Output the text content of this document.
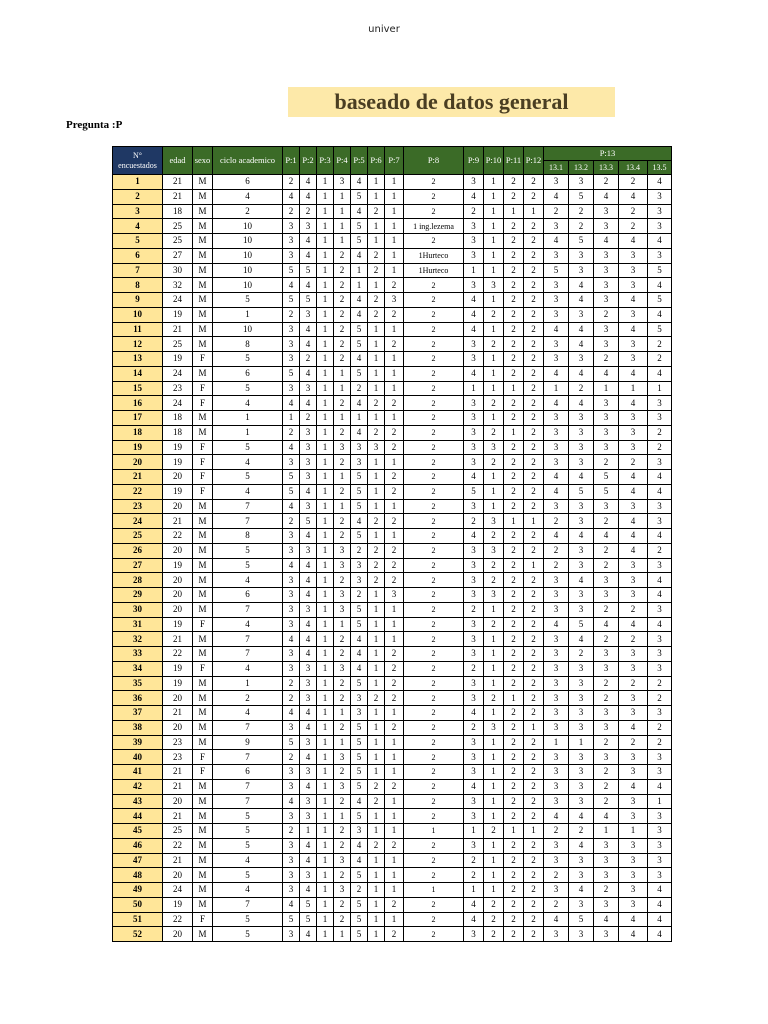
univer
baseado de datos general
Pregunta :P
N° encuestados	edad	sexo	ciclo academico	P:1	P:2	P:3	P:4	P:5	P:6	P:7	P:8	P:9	P:10	P:11	P:12	P:13				
																13.1	13.2	13.3	13.4	13.5
1	21	M	6	2	4	1	3	4	1	1	2	3	1	2	2	3	3	2	2	4
2	21	M	4	4	4	1	1	5	1	1	2	4	1	2	2	4	5	4	4	3
3	18	M	2	2	2	1	1	4	2	1	2	2	1	1	1	2	2	3	2	3
4	25	M	10	3	3	1	1	5	1	1	1 ing.lezema	3	1	2	2	3	2	3	2	3
5	25	M	10	3	4	1	1	5	1	1	2	3	1	2	2	4	5	4	4	4
6	27	M	10	3	4	1	2	4	2	1	1Hurteco	3	1	2	2	3	3	3	3	3
7	30	M	10	5	5	1	2	1	2	1	1Hurteco	1	1	2	2	5	3	3	3	5
8	32	M	10	4	4	1	2	1	1	2	2	3	3	2	2	3	4	3	3	4
9	24	M	5	5	5	1	2	4	2	3	2	4	1	2	2	3	4	3	4	5
10	19	M	1	2	3	1	2	4	2	2	2	4	2	2	2	3	3	2	3	4
11	21	M	10	3	4	1	2	5	1	1	2	4	1	2	2	4	4	3	4	5
12	25	M	8	3	4	1	2	5	1	2	2	3	2	2	2	3	4	3	3	2
13	19	F	5	3	2	1	2	4	1	1	2	3	1	2	2	3	3	2	3	2
14	24	M	6	5	4	1	1	5	1	1	2	4	1	2	2	4	4	4	4	4
15	23	F	5	3	3	1	1	2	1	1	2	1	1	1	2	1	2	1	1	1
16	24	F	4	4	4	1	2	4	2	2	2	3	2	2	2	4	4	3	4	3
17	18	M	1	1	2	1	1	1	1	1	2	3	1	2	2	3	3	3	3	3
18	18	M	1	2	3	1	2	4	2	2	2	3	2	1	2	3	3	3	3	2
19	19	F	5	4	3	1	3	3	3	2	2	3	3	2	2	3	3	3	3	2
20	19	F	4	3	3	1	2	3	1	1	2	3	2	2	2	3	3	2	2	3
21	20	F	5	5	3	1	1	5	1	2	2	4	1	2	2	4	4	5	4	4
22	19	F	4	5	4	1	2	5	1	2	2	5	1	2	2	4	5	5	4	4
23	20	M	7	4	3	1	1	5	1	1	2	3	1	2	2	3	3	3	3	3
24	21	M	7	2	5	1	2	4	2	2	2	2	3	1	1	2	3	2	4	3
25	22	M	8	3	4	1	2	5	1	1	2	4	2	2	2	4	4	4	4	4
26	20	M	5	3	3	1	3	2	2	2	2	3	3	2	2	2	3	2	4	2
27	19	M	5	4	4	1	3	3	2	2	2	3	2	2	1	2	3	2	3	3
28	20	M	4	3	4	1	2	3	2	2	2	3	2	2	2	3	4	3	3	4
29	20	M	6	3	4	1	3	2	1	3	2	3	3	2	2	3	3	3	3	4
30	20	M	7	3	3	1	3	5	1	1	2	2	1	2	2	3	3	2	2	3
31	19	F	4	3	4	1	1	5	1	1	2	3	2	2	2	4	5	4	4	4
32	21	M	7	4	4	1	2	4	1	1	2	3	1	2	2	3	4	2	2	3
33	22	M	7	3	4	1	2	4	1	2	2	3	1	2	2	3	2	3	3	3
34	19	F	4	3	3	1	3	4	1	2	2	2	1	2	2	3	3	3	3	3
35	19	M	1	2	3	1	2	5	1	2	2	3	1	2	2	3	3	2	2	2
36	20	M	2	2	3	1	2	3	2	2	2	3	2	1	2	3	3	2	3	2
37	21	M	4	4	4	1	1	3	1	1	2	4	1	2	2	3	3	3	3	3
38	20	M	7	3	4	1	2	5	1	2	2	2	3	2	1	3	3	3	4	2
39	23	M	9	5	3	1	1	5	1	1	2	3	1	2	2	1	1	2	2	2
40	23	F	7	2	4	1	3	5	1	1	2	3	1	2	2	3	3	3	3	3
41	21	F	6	3	3	1	2	5	1	1	2	3	1	2	2	3	3	2	3	3
42	21	M	7	3	4	1	3	5	2	2	2	4	1	2	2	3	3	2	4	4
43	20	M	7	4	3	1	2	4	2	1	2	3	1	2	2	3	3	2	3	1
44	21	M	5	3	3	1	1	5	1	1	2	3	1	2	2	4	4	4	3	3
45	25	M	5	2	1	1	2	3	1	1	1	1	2	1	1	2	2	1	1	3
46	22	M	5	3	4	1	2	4	2	2	2	3	1	2	2	3	4	3	3	3
47	21	M	4	3	4	1	3	4	1	1	2	2	1	2	2	3	3	3	3	3
48	20	M	5	3	3	1	2	5	1	1	2	2	1	2	2	2	3	3	3	3
49	24	M	4	3	4	1	3	2	1	1	1	1	1	2	2	3	4	2	3	4
50	19	M	7	4	5	1	2	5	1	2	2	4	2	2	2	2	3	3	3	4
51	22	F	5	5	5	1	2	5	1	1	2	4	2	2	2	4	5	4	4	4
52	20	M	5	3	4	1	1	5	1	2	2	3	2	2	2	3	3	3	4	4
